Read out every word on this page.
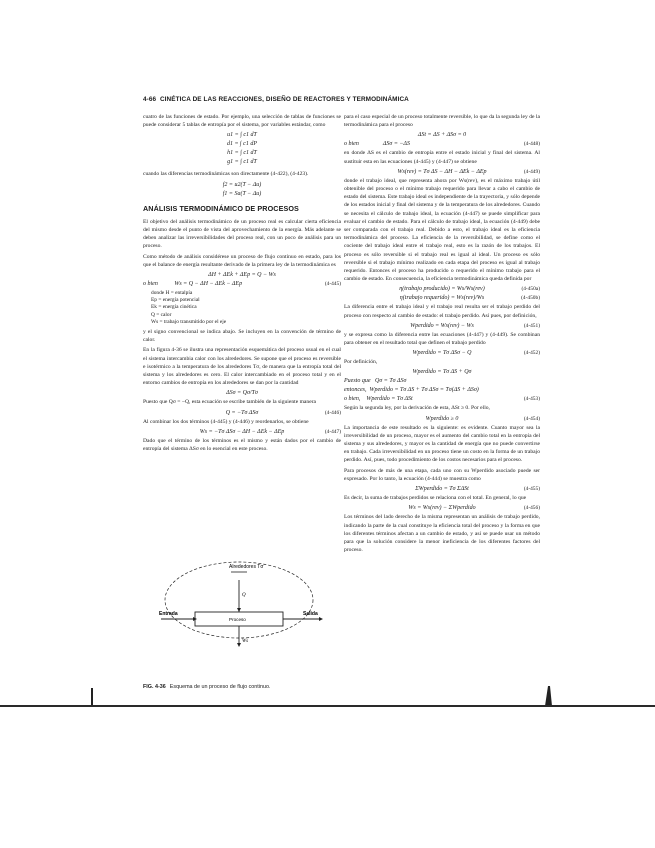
4-66 CINÉTICA DE LAS REACCIONES, DISEÑO DE REACTORES Y TERMODINÁMICA

cuatro de las funciones de estado. Por ejemplo, una selección de tablas de funciones se puede considerar 5 tablas de entropía por el sistema, por variables estándar, como

u1 = ∫ c1 dT
d1 = ∫ c1 dP
h1 = ∫ c1 dT
g1 = ∫ c1 dT

cuando las diferencias termodinámicas son directamente (4-422), (4-423).

f2 = u2(T − Δu)
f1 = Sa(T − Δu)
ANÁLISIS TERMODINÁMICO DE PROCESOS

El objetivo del análisis termodinámico de un proceso real es calcular cierta eficiencia del mismo desde el punto de vista del aprovechamiento de la energía. Más adelante se deben analizar las irreversibilidades del proceso real, con un poco de análisis para un proceso.

Como método de análisis considérese un proceso de flujo continuo en estado, para los que el balance de energía resultante derivado de la primera ley de la termodinámica es

ΔH + ΔEk + ΔEp = Q − Ws
o bien	Ws = Q − ΔH − ΔEk − ΔEp	(4-445)
donde H = entalpía
Ep = energía potencial
Ek = energía cinética
Q = calor
Ws = trabajo transmitido por el eje

y el signo convencional se indica abajo. Se incluyen en la convención de término de calor.

En la figura 4-36 se ilustra una representación esquemática del proceso usual en el cual el sistema intercambia calor con los alrededores. Se supone que el proceso es reversible e isotérmico a la temperatura de los alrededores Tσ, de manera que la entropía total del sistema y los alrededores es cero. El calor intercambiado en el proceso total y en el entorno cambios de entropía en los alrededores se dan por la cantidad

ΔSσ = Qσ/Tσ

Puesto que Qσ = −Q, esta ecuación se escribe también de la siguiente manera

Q = −Tσ ΔSσ	(4-446)

Al combinar los dos términos (4-445) y (4-446) y reordenarlos, se obtiene

Ws = −Tσ ΔSσ − ΔH − ΔEk − ΔEp	(4-447)

Dado que el término de los términos es el mismo y están dados por el cambio de entropía del sistema ΔSσ en lo esencial en este proceso.

Alrededores Tσ
Q
Entrada	Salida
Proceso
Ws
FIG. 4-36 Esquema de un proceso de flujo continuo.

para el caso especial de un proceso totalmente reversible, lo que da la segunda ley de la termodinámica para el proceso

ΔSt = ΔS + ΔSσ = 0
o bien	ΔSσ = −ΔS	(4-448)

en donde ΔS es el cambio de entropía entre el estado inicial y final del sistema. Al sustituir esta en las ecuaciones (4-445) y (4-447) se obtiene

Ws(rev) = Tσ ΔS − ΔH − ΔEk − ΔEp	(4-449)

donde el trabajo ideal, que representa ahora por Ws(rev), es el máximo trabajo útil obtenible del proceso o el mínimo trabajo requerido para llevar a cabo el cambio de estado del sistema. Este trabajo ideal es independiente de la trayectoria, y sólo depende de los estados inicial y final del sistema y de la temperatura de los alrededores. Cuando se necesita el cálculo de trabajo ideal, la ecuación (4-447) se puede simplificar para evaluar el cambio de estado. Para el cálculo de trabajo ideal, la ecuación (4-449) debe ser comparada con el trabajo real. Debido a esto, el trabajo ideal es la eficiencia termodinámica del proceso. La eficiencia de la reversibilidad, se define como el cociente del trabajo ideal entre el trabajo real, esto es la razón de los trabajos. El proceso es sólo reversible si el trabajo real es igual al ideal. Un proceso es sólo reversible si el trabajo mínimo realizado en cada etapa del proceso es igual al trabajo requerido. Entonces el proceso ha producido o requerido el mínimo trabajo para el cambio de estado. En consecuencia, la eficiencia termodinámica queda definida por

η(trabajo producido) = Ws/Ws(rev)	(4-450a)
η(trabajo requerido) = Ws(rev)/Ws	(4-450b)

La diferencia entre el trabajo ideal y el trabajo real resulta ser el trabajo perdido del proceso con respecto al cambio de estado: el trabajo perdido. Así pues, por definición,

Wperdido = Ws(rev) − Ws	(4-451)

y se expresa como la diferencia entre las ecuaciones (4-447) y (4-449). Se combinan para obtener en el resultado total que definen el trabajo perdido

Wperdido = Tσ ΔSσ − Q	(4-452)

Por definición,

Wperdido = Tσ ΔS + Qσ
Puesto que Qσ = Tσ ΔSσ
entonces, Wperdido = Tσ ΔS + Tσ ΔSσ = Tσ(ΔS + ΔSσ)
o bien, Wperdido = Tσ ΔSt	(4-453)

Según la segunda ley, por la derivación de esta, ΔSt ≥ 0. Por ello,

Wperdido ≥ 0	(4-454)

La importancia de este resultado es la siguiente: es evidente. Cuanto mayor sea la irreversibilidad de un proceso, mayor es el aumento del cambio total en la entropía del sistema y sus alrededores, y mayor es la cantidad de energía que no puede convertirse en trabajo. Cada irreversibilidad en un proceso tiene un costo en la forma de un trabajo perdido. Así, pues, todo procedimiento de los costos necesarios para el proceso.

Para procesos de más de una etapa, cada uno con su Wperdido asociado puede ser expresado. Por lo tanto, la ecuación (4-444) se muestra como

ΣWperdido = Tσ ΣΔSt	(4-455)

Es decir, la suma de trabajos perdidos se relaciona con el total. En general, lo que

Ws = Ws(rev) − ΣWperdido	(4-456)

Los términos del lado derecho de la misma representan un análisis de trabajo perdido, indicando la parte de la cual constituye la eficiencia total del proceso y la forma en que los diferentes términos afectan a un cambio de estado, y así se puede usar un método para que la solución considere la menor ineficiencia de los diferentes factores del proceso.
